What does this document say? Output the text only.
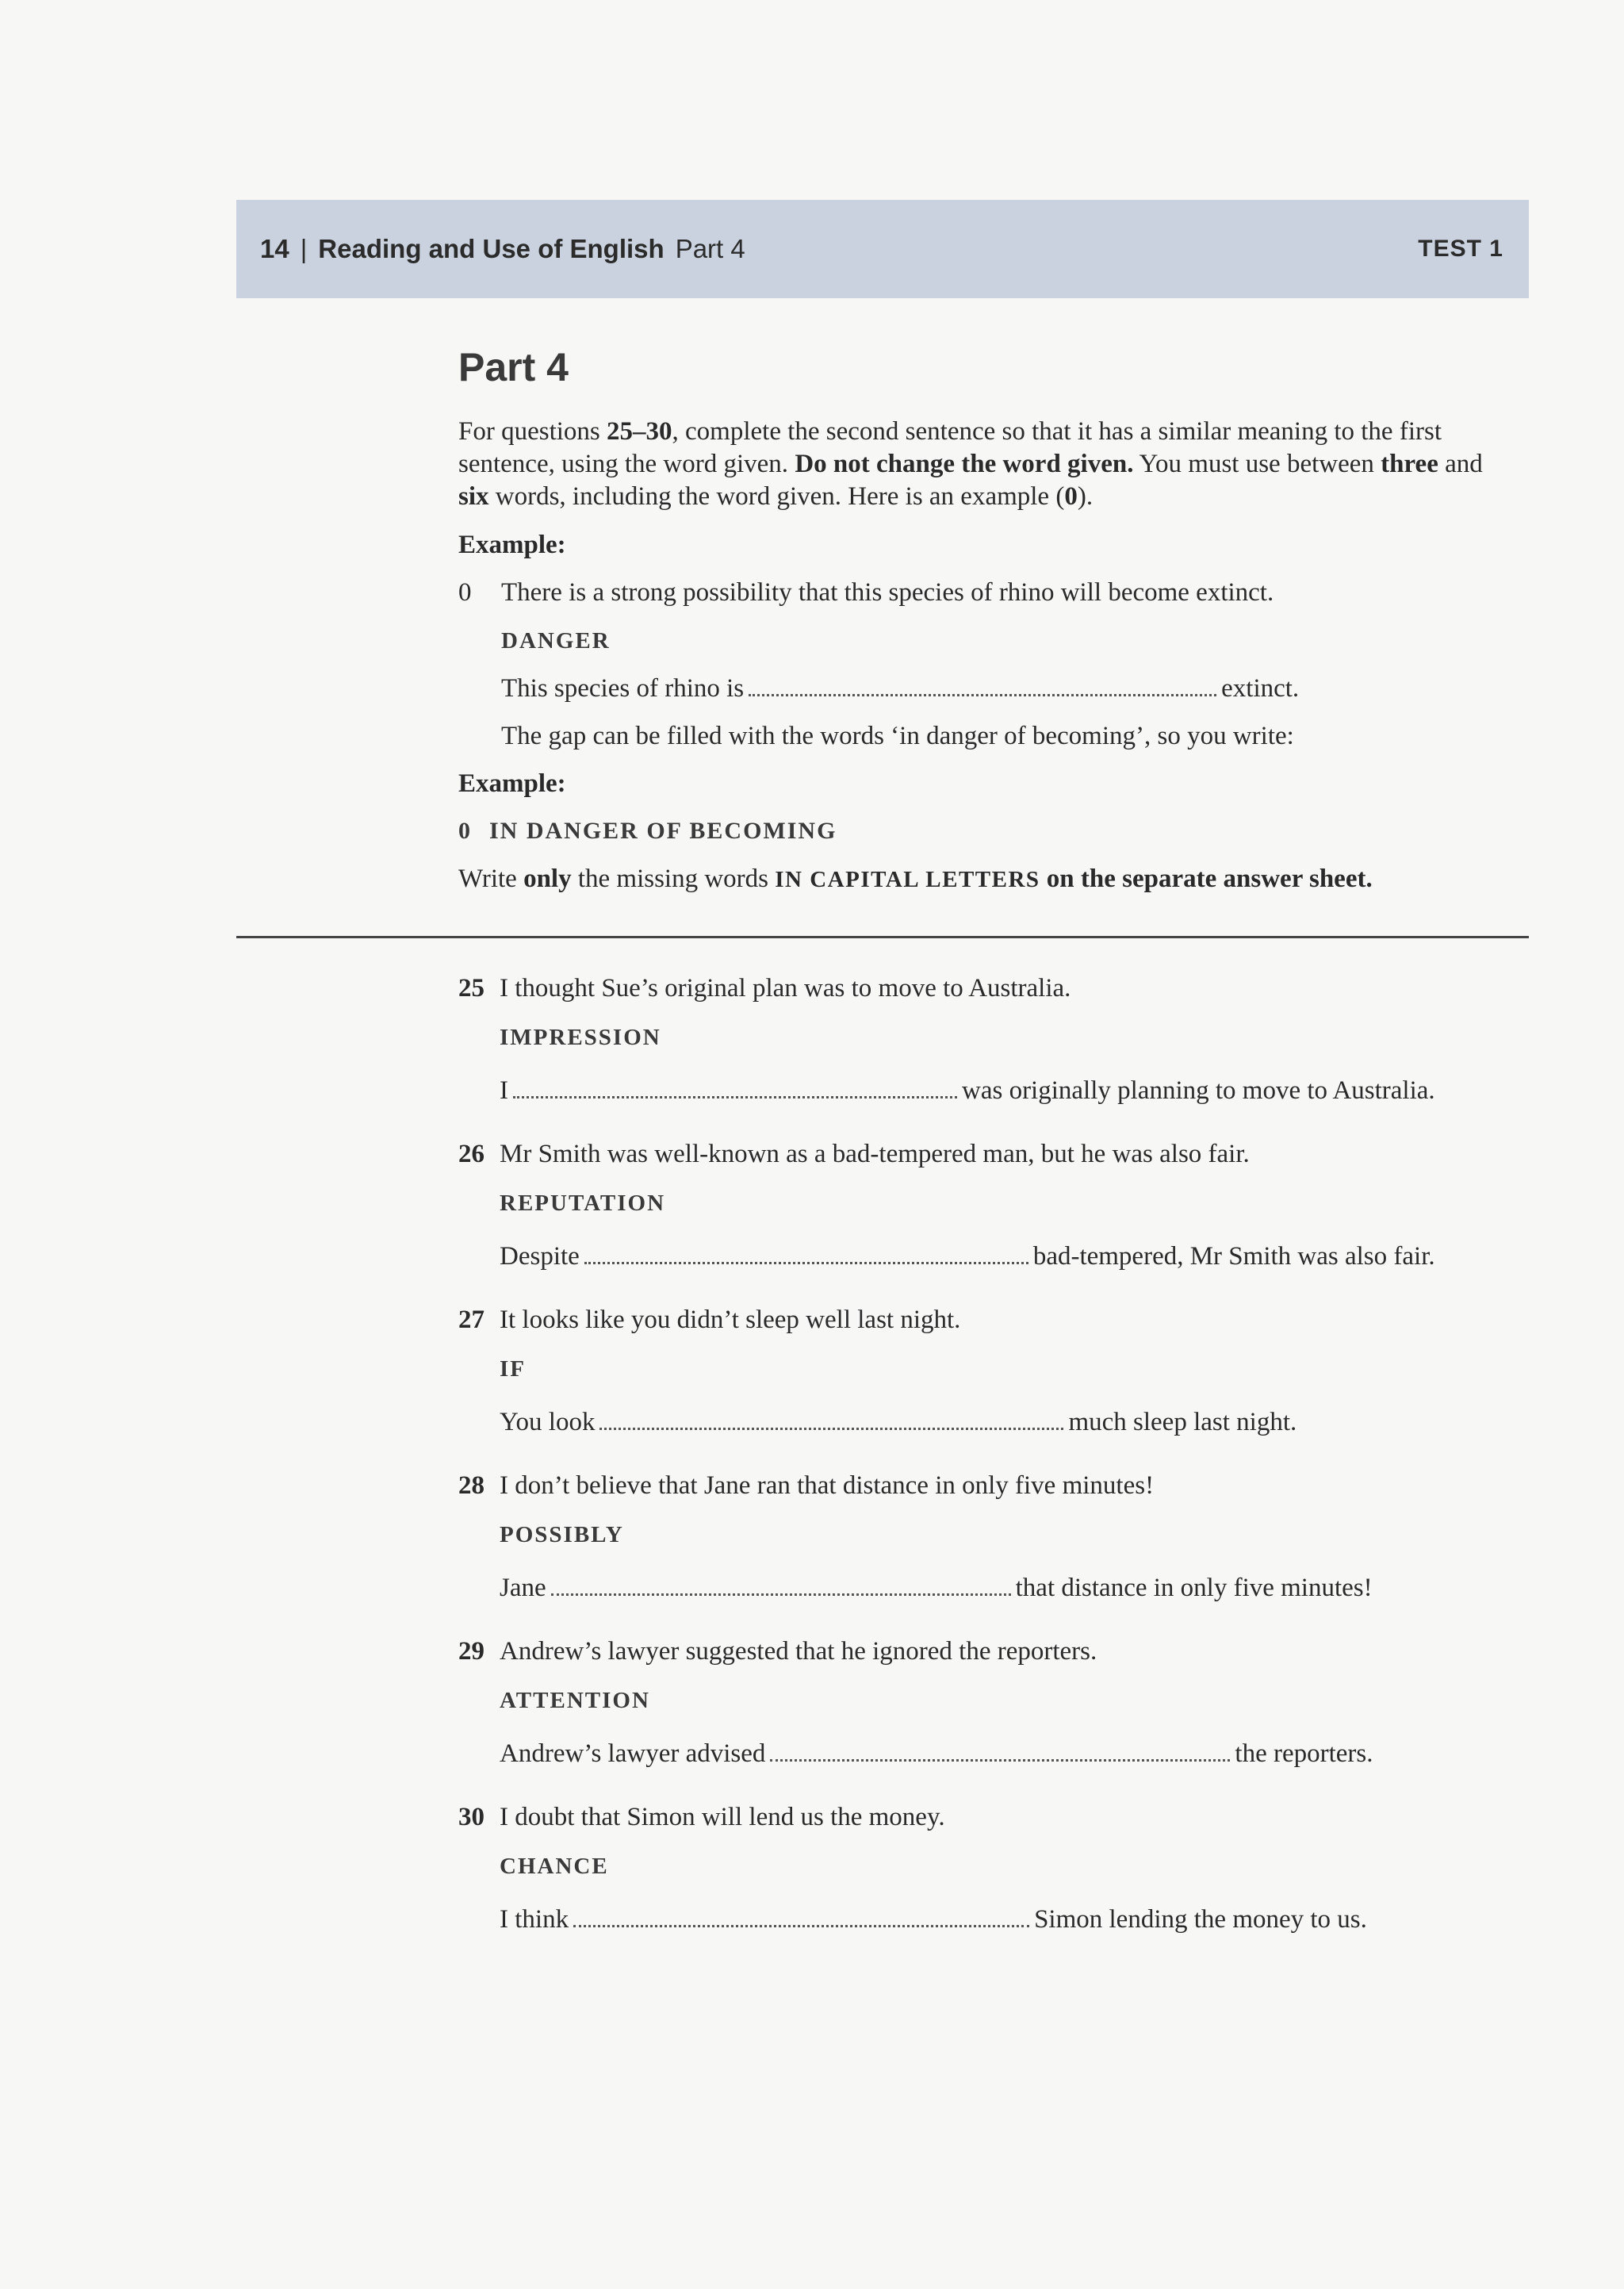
14 | Reading and Use of English Part 4	TEST 1
Part 4

For questions 25–30, complete the second sentence so that it has a similar meaning to the first sentence, using the word given. Do not change the word given. You must use between three and six words, including the word given. Here is an example (0).

Example:
0	There is a strong possibility that this species of rhino will become extinct.
DANGER
This species of rhino is	extinct.
The gap can be filled with the words ‘in danger of becoming’, so you write:
Example:
0 IN DANGER OF BECOMING

Write only the missing words IN CAPITAL LETTERS on the separate answer sheet.

25 I thought Sue’s original plan was to move to Australia.
IMPRESSION
I	was originally planning to move to Australia.
26 Mr Smith was well-known as a bad-tempered man, but he was also fair.
REPUTATION
Despite	bad-tempered, Mr Smith was also fair.
27 It looks like you didn’t sleep well last night.
IF
You look	much sleep last night.
28 I don’t believe that Jane ran that distance in only five minutes!
POSSIBLY
Jane	that distance in only five minutes!
29 Andrew’s lawyer suggested that he ignored the reporters.
ATTENTION
Andrew’s lawyer advised	the reporters.
30 I doubt that Simon will lend us the money.
CHANCE
I think	Simon lending the money to us.
